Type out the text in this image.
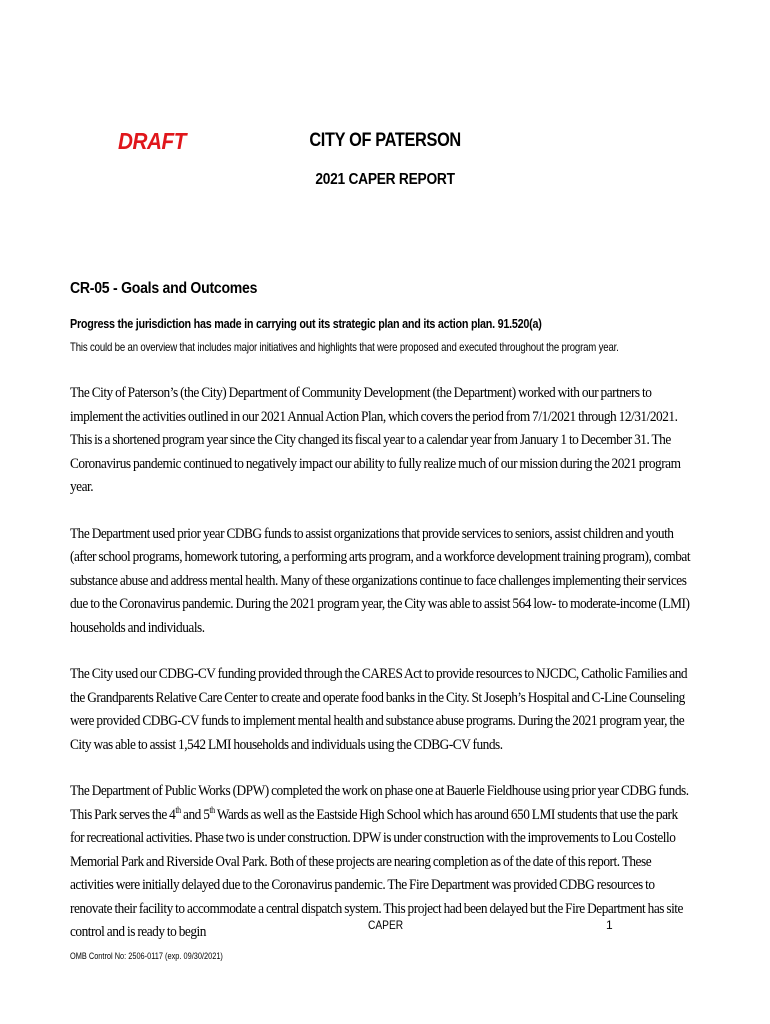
DRAFT	CITY OF PATERSON
2021 CAPER REPORT
CR-05 - Goals and Outcomes
Progress the jurisdiction has made in carrying out its strategic plan and its action plan. 91.520(a)
This could be an overview that includes major initiatives and highlights that were proposed and executed throughout the program year.

The City of Paterson’s (the City) Department of Community Development (the Department) worked with our partners to implement the activities outlined in our 2021 Annual Action Plan, which covers the period from 7/1/2021 through 12/31/2021. This is a shortened program year since the City changed its fiscal year to a calendar year from January 1 to December 31. The Coronavirus pandemic continued to negatively impact our ability to fully realize much of our mission during the 2021 program year.

The Department used prior year CDBG funds to assist organizations that provide services to seniors, assist children and youth (after school programs, homework tutoring, a performing arts program, and a workforce development training program), combat substance abuse and address mental health. Many of these organizations continue to face challenges implementing their services due to the Coronavirus pandemic. During the 2021 program year, the City was able to assist 564 low- to moderate-income (LMI) households and individuals.

The City used our CDBG-CV funding provided through the CARES Act to provide resources to NJCDC, Catholic Families and the Grandparents Relative Care Center to create and operate food banks in the City. St Joseph’s Hospital and C-Line Counseling were provided CDBG-CV funds to implement mental health and substance abuse programs. During the 2021 program year, the City was able to assist 1,542 LMI households and individuals using the CDBG-CV funds.

The Department of Public Works (DPW) completed the work on phase one at Bauerle Fieldhouse using prior year CDBG funds. This Park serves the 4th and 5th Wards as well as the Eastside High School which has around 650 LMI students that use the park for recreational activities. Phase two is under construction. DPW is under construction with the improvements to Lou Costello Memorial Park and Riverside Oval Park. Both of these projects are nearing completion as of the date of this report. These activities were initially delayed due to the Coronavirus pandemic. The Fire Department was provided CDBG resources to renovate their facility to accommodate a central dispatch system. This project had been delayed but the Fire Department has site control and is ready to begin	CAPER	1
OMB Control No: 2506-0117 (exp. 09/30/2021)
